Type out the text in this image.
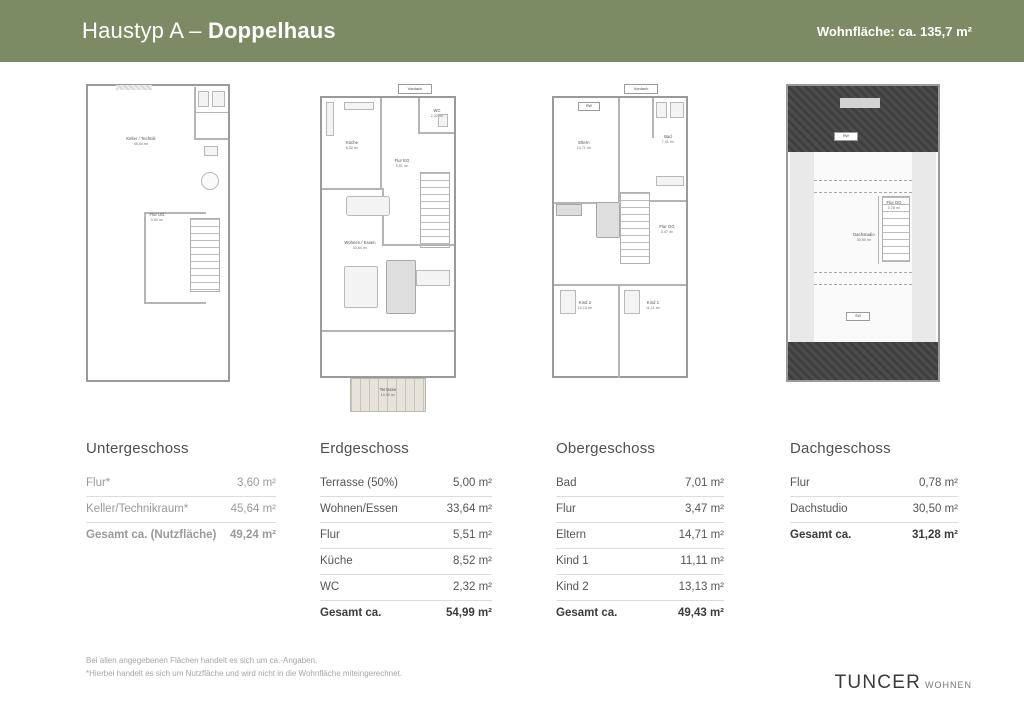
Haustyp A – Doppelhaus	Wohnfläche: ca. 135,7 m²
Keller / Technik
45,64 m²
Flur UG
3,60 m²
Vordach
Terrasse
10,00 m²
Küche
8,52 m²
Flur EG
5,51 m²
WC
2,32 m²
Wohnen / Essen
33,64 m²
Vordach
RW
Eltern
14,71 m²
Bad
7,01 m²
Flur OG
3,47 m²
Kind 2
13,13 m²
Kind 1
11,11 m²
RW
SW
Flur DG
0,78 m²
Dachstudio
30,50 m²
Untergeschoss
Flur*	3,60 m²
Keller/Technikraum*	45,64 m²
Gesamt ca. (Nutzfläche) 49,24 m²
Erdgeschoss
Terrasse (50%)	5,00 m²
Wohnen/Essen	33,64 m²
Flur	5,51 m²
Küche	8,52 m²
WC	2,32 m²
Gesamt ca.	54,99 m²
Obergeschoss
Bad	7,01 m²
Flur	3,47 m²
Eltern	14,71 m²
Kind 1	11,11 m²
Kind 2	13,13 m²
Gesamt ca.	49,43 m²
Dachgeschoss
Flur	0,78 m²
Dachstudio	30,50 m²
Gesamt ca.	31,28 m²
Bei allen angegebenen Flächen handelt es sich um ca.-Angaben.
*Hierbei handelt es sich um Nutzfläche und wird nicht in die Wohnfläche miteingerechnet.	TUNCER WOHNEN
